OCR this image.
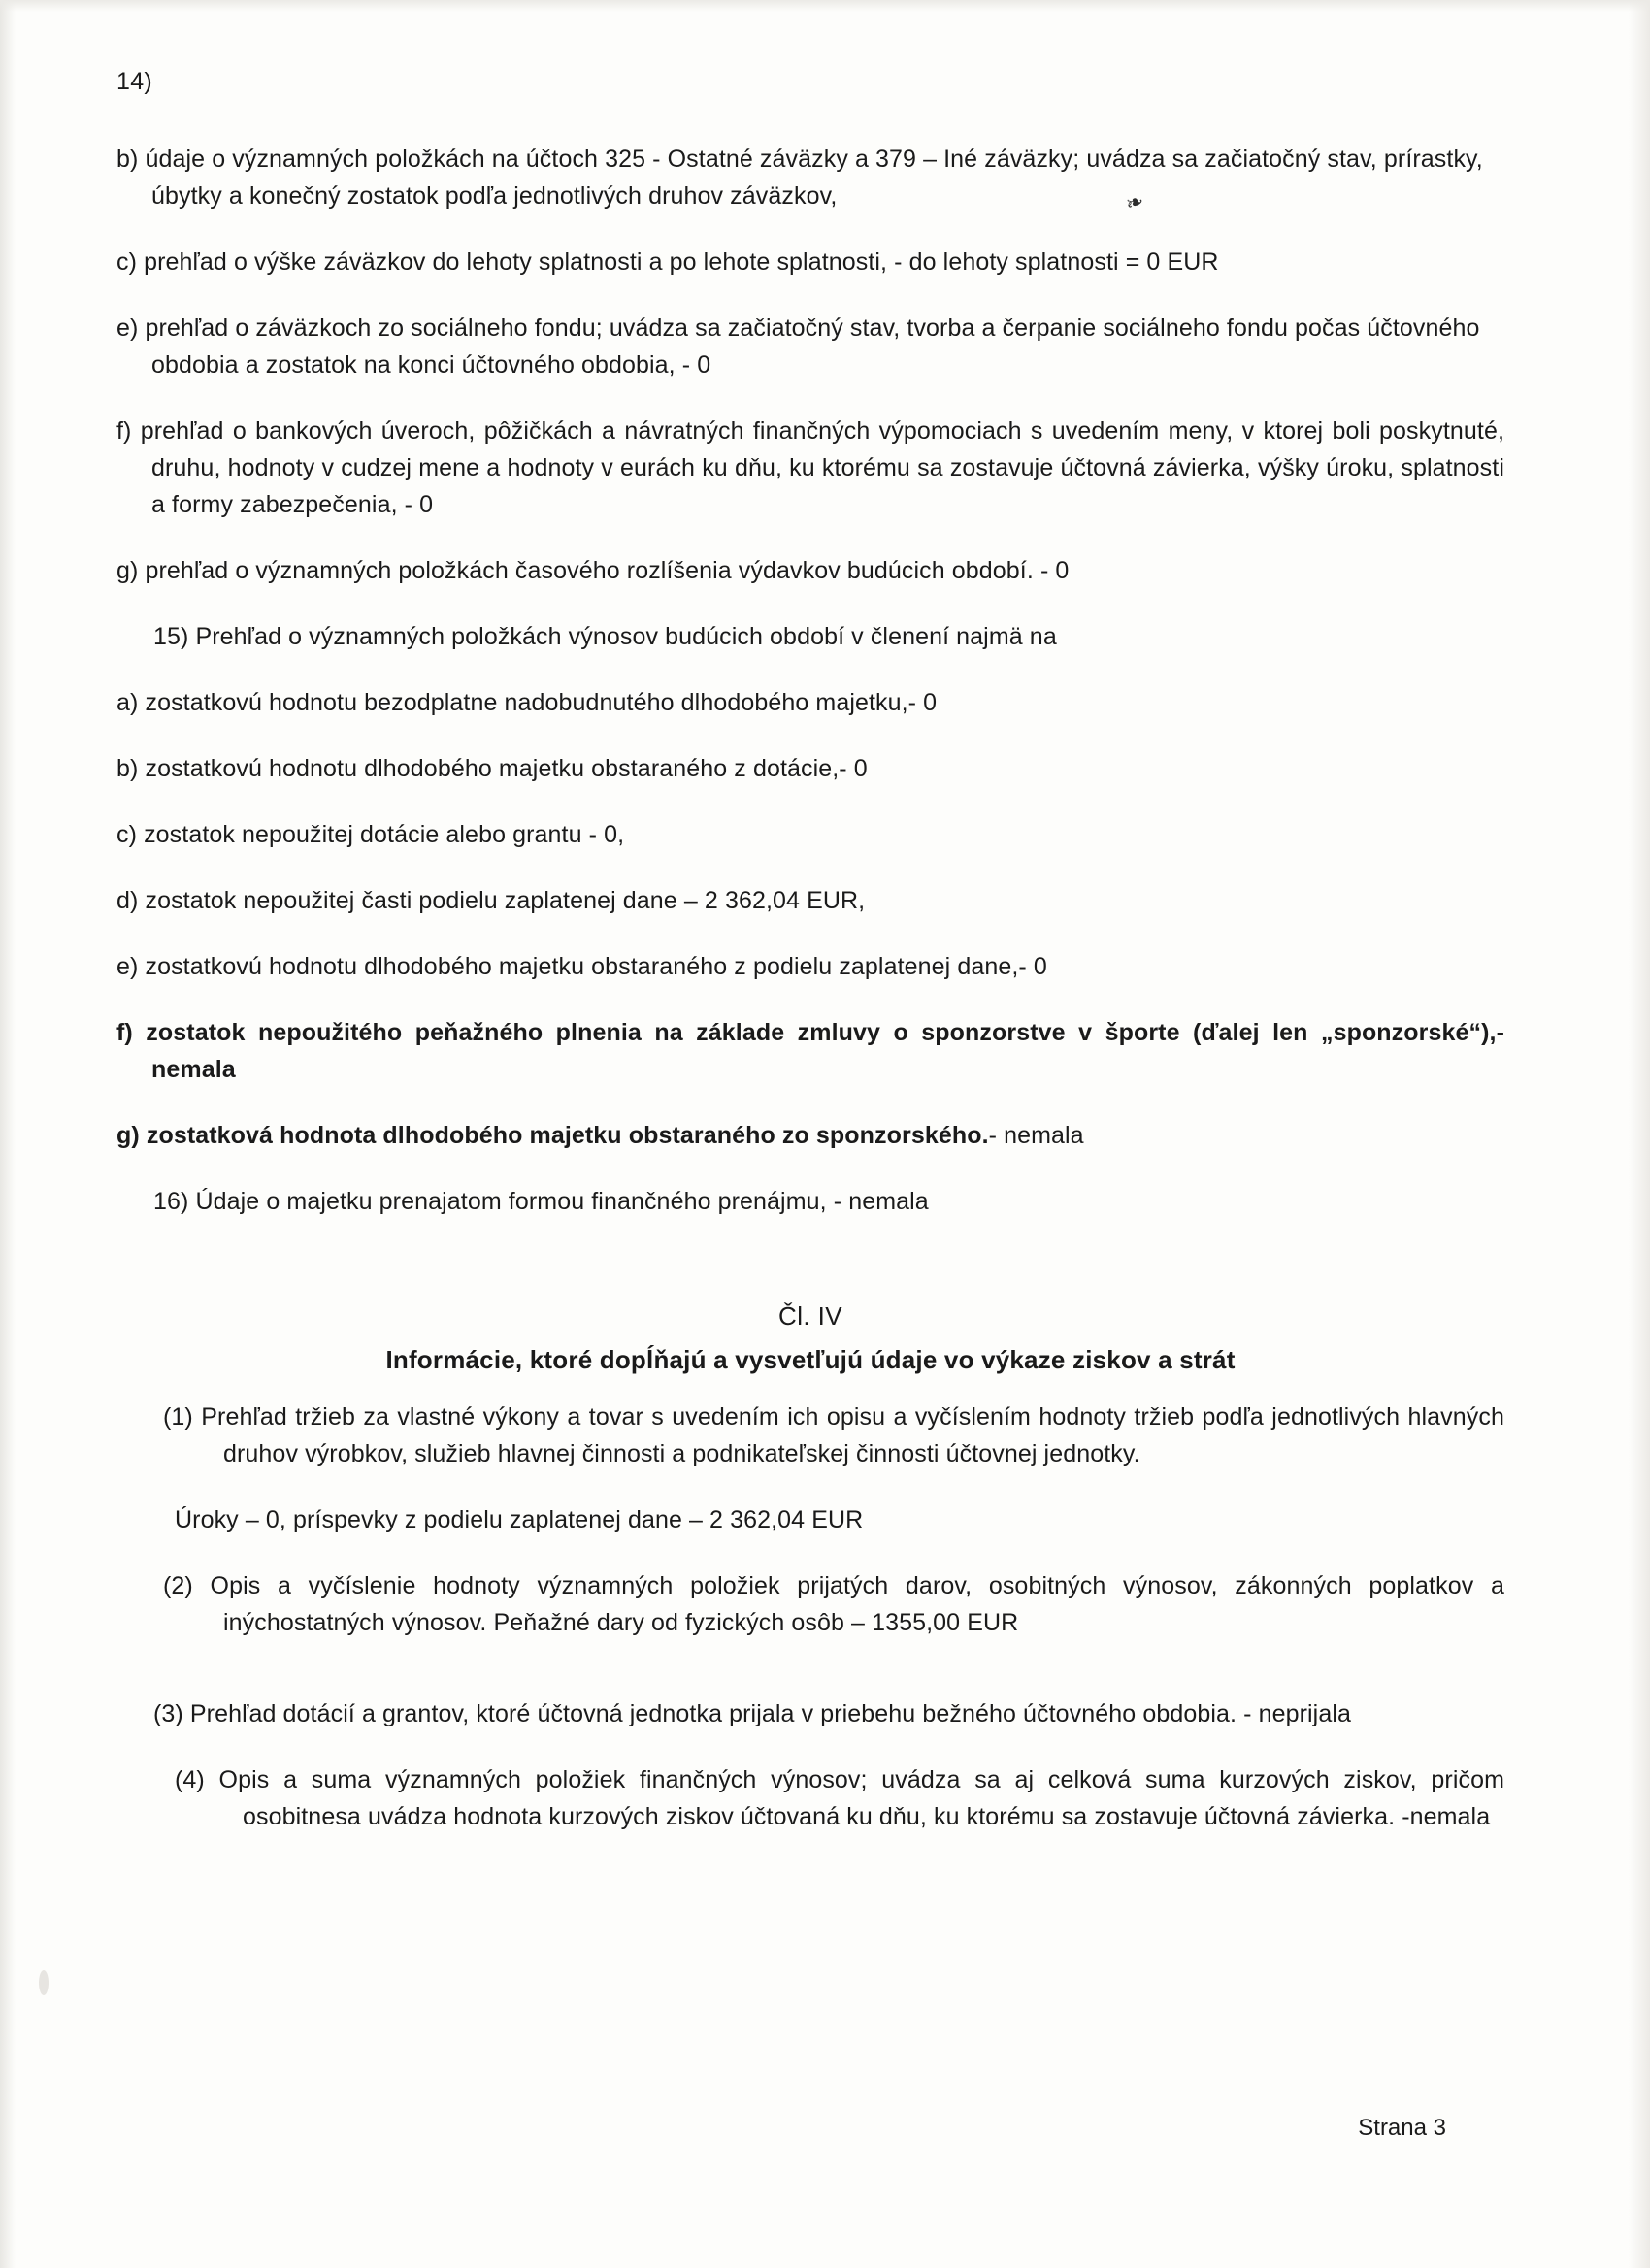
14)

b) údaje o významných položkách na účtoch 325 - Ostatné záväzky a 379 – Iné záväzky; uvádza sa začiatočný stav, prírastky, úbytky a konečný zostatok podľa jednotlivých druhov záväzkov,

c) prehľad o výške záväzkov do lehoty splatnosti a po lehote splatnosti, - do lehoty splatnosti = 0 EUR

e) prehľad o záväzkoch zo sociálneho fondu; uvádza sa začiatočný stav, tvorba a čerpanie sociálneho fondu počas účtovného obdobia a zostatok na konci účtovného obdobia, - 0

f) prehľad o bankových úveroch, pôžičkách a návratných finančných výpomociach s uvedením meny, v ktorej boli poskytnuté, druhu, hodnoty v cudzej mene a hodnoty v eurách ku dňu, ku ktorému sa zostavuje účtovná závierka, výšky úroku, splatnosti a formy zabezpečenia, - 0

g) prehľad o významných položkách časového rozlíšenia výdavkov budúcich období. - 0

15) Prehľad o významných položkách výnosov budúcich období v členení najmä na

a) zostatkovú hodnotu bezodplatne nadobudnutého dlhodobého majetku,- 0

b) zostatkovú hodnotu dlhodobého majetku obstaraného z dotácie,- 0

c) zostatok nepoužitej dotácie alebo grantu - 0,

d) zostatok nepoužitej časti podielu zaplatenej dane – 2 362,04 EUR,

e) zostatkovú hodnotu dlhodobého majetku obstaraného z podielu zaplatenej dane,- 0

f) zostatok nepoužitého peňažného plnenia na základe zmluvy o sponzorstve v športe (ďalej len „sponzorské“),- nemala

g) zostatková hodnota dlhodobého majetku obstaraného zo sponzorského.- nemala

16) Údaje o majetku prenajatom formou finančného prenájmu, - nemala

Čl. IV

Informácie, ktoré dopĺňajú a vysvetľujú údaje vo výkaze ziskov a strát

(1) Prehľad tržieb za vlastné výkony a tovar s uvedením ich opisu a vyčíslením hodnoty tržieb podľa jednotlivých hlavných druhov výrobkov, služieb hlavnej činnosti a podnikateľskej činnosti účtovnej jednotky.

Úroky – 0, príspevky z podielu zaplatenej dane – 2 362,04 EUR

(2) Opis a vyčíslenie hodnoty významných položiek prijatých darov, osobitných výnosov, zákonných poplatkov a inýchostatných výnosov. Peňažné dary od fyzických osôb – 1355,00 EUR

(3) Prehľad dotácií a grantov, ktoré účtovná jednotka prijala v priebehu bežného účtovného obdobia. - neprijala

(4) Opis a suma významných položiek finančných výnosov; uvádza sa aj celková suma kurzových ziskov, pričom osobitnesa uvádza hodnota kurzových ziskov účtovaná ku dňu, ku ktorému sa zostavuje účtovná závierka. -nemala

❧
Strana 3
